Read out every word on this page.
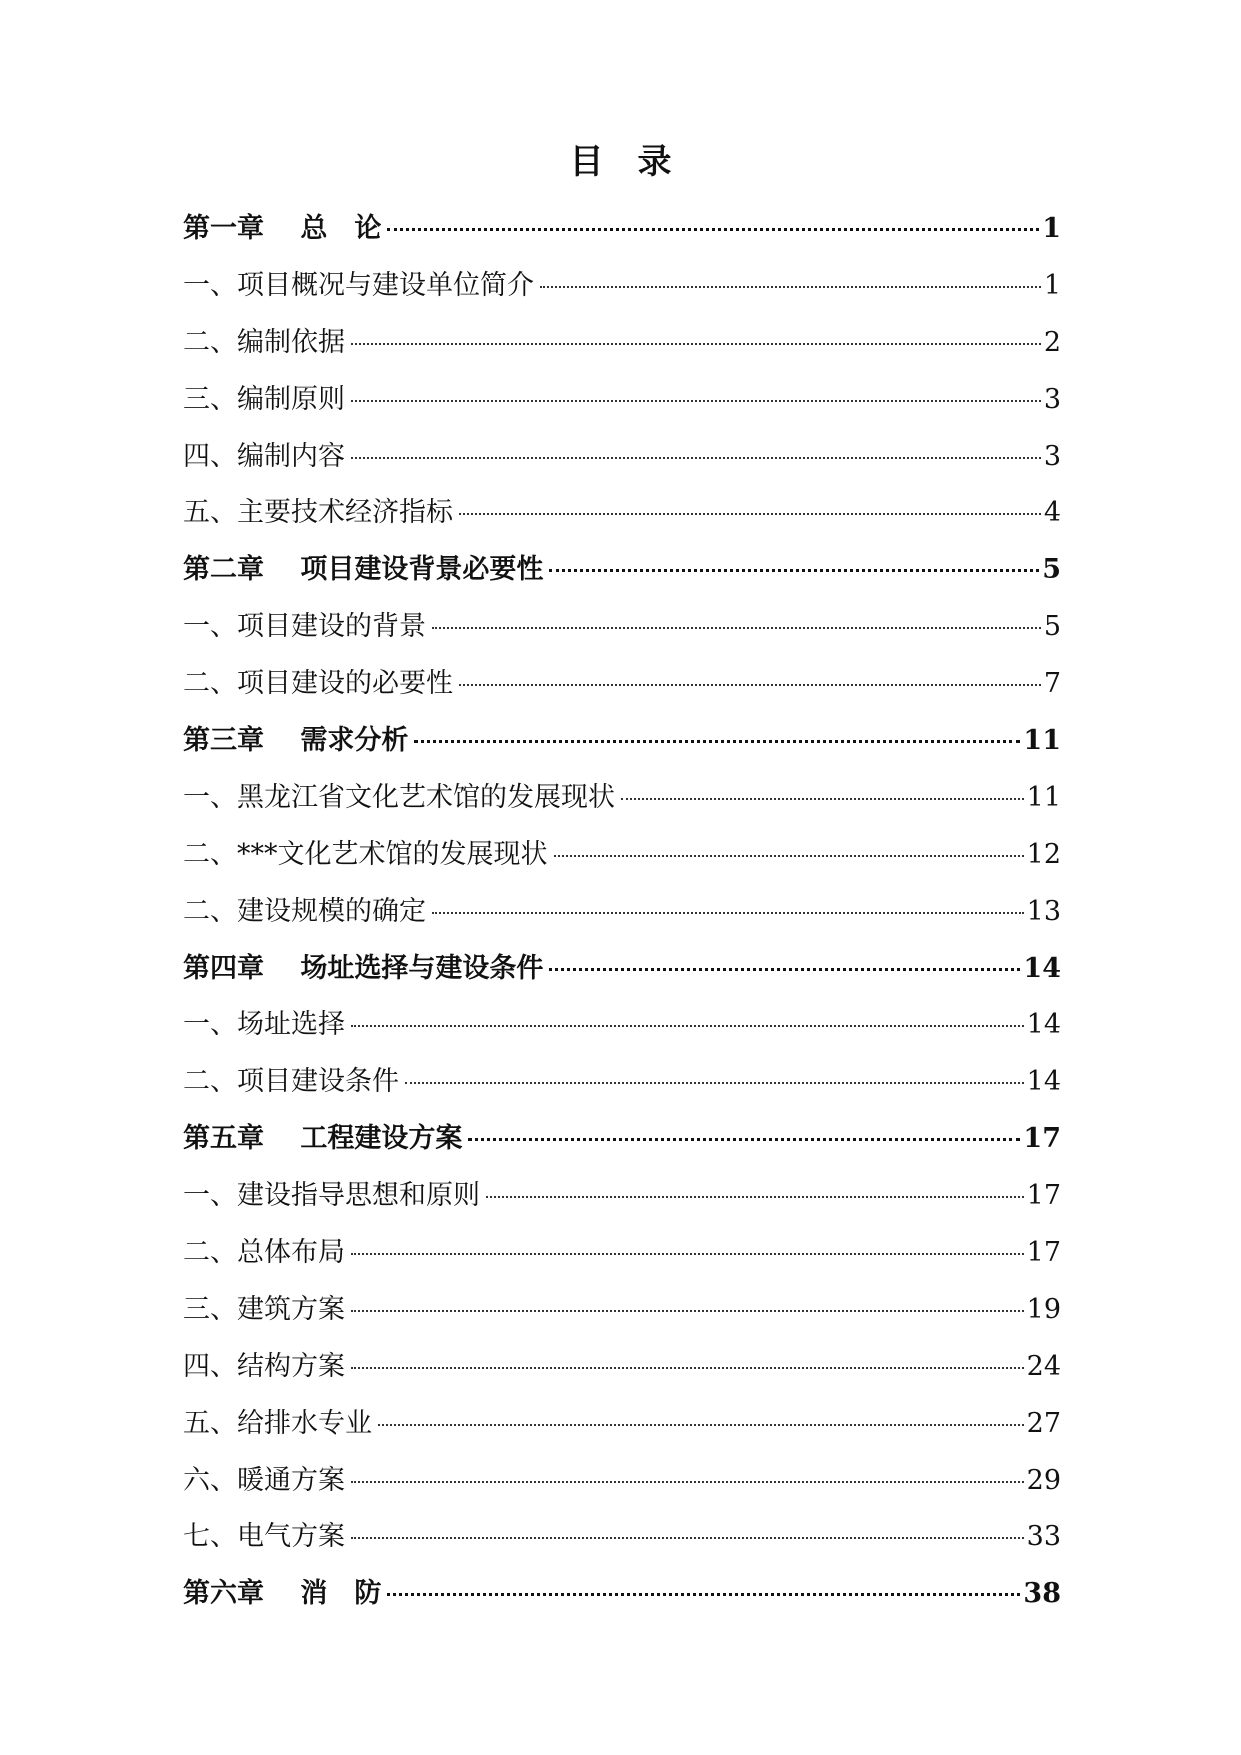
目　录
第一章　 总　论	1
一、项目概况与建设单位简介	1
二、编制依据	2
三、编制原则	3
四、编制内容	3
五、主要技术经济指标	4
第二章　 项目建设背景必要性	5
一、项目建设的背景	5
二、项目建设的必要性	7
第三章　 需求分析	11
一、黑龙江省文化艺术馆的发展现状	11
二、***文化艺术馆的发展现状	12
二、建设规模的确定	13
第四章　 场址选择与建设条件	14
一、场址选择	14
二、项目建设条件	14
第五章　 工程建设方案	17
一、建设指导思想和原则	17
二、总体布局	17
三、建筑方案	19
四、结构方案	24
五、给排水专业	27
六、暖通方案	29
七、电气方案	33
第六章　 消　防	38
